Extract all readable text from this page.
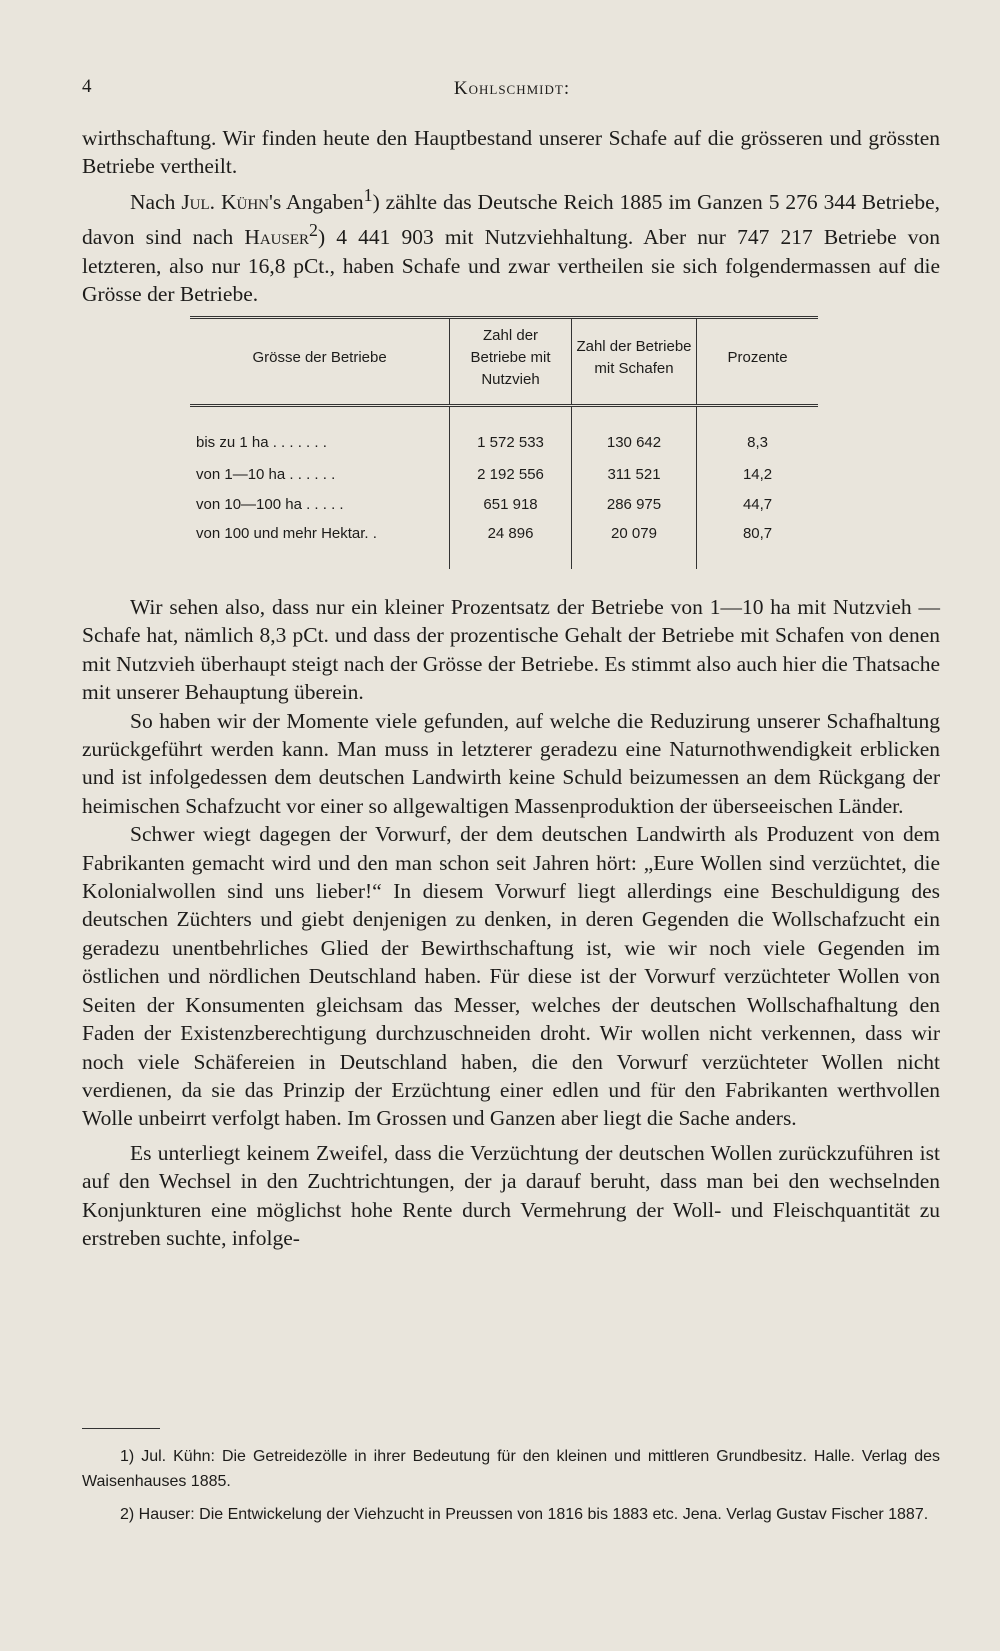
4	Kohlschmidt:

wirthschaftung. Wir finden heute den Hauptbestand unserer Schafe auf die grösseren und grössten Betriebe vertheilt.

Nach Jul. Kühn's Angaben$^1$) zählte das Deutsche Reich 1885 im Ganzen 5 276 344 Betriebe, davon sind nach Hauser$^2$) 4 441 903 mit Nutzviehhaltung. Aber nur 747 217 Betriebe von letzteren, also nur 16,8 pCt., haben Schafe und zwar vertheilen sie sich folgendermassen auf die Grösse der Betriebe.

Grösse der Betriebe	Zahl der Betriebe mit Nutzvieh	Zahl der Betriebe mit Schafen	Prozente
bis zu 1 ha . . . . . . .	1 572 533	130 642	8,3
von 1—10 ha . . . . . .	2 192 556	311 521	14,2
von 10—100 ha . . . . .	651 918	286 975	44,7
von 100 und mehr Hektar. .	24 896	20 079	80,7

Wir sehen also, dass nur ein kleiner Prozentsatz der Betriebe von 1—10 ha mit Nutzvieh — Schafe hat, nämlich 8,3 pCt. und dass der prozentische Gehalt der Betriebe mit Schafen von denen mit Nutzvieh überhaupt steigt nach der Grösse der Betriebe. Es stimmt also auch hier die Thatsache mit unserer Behauptung überein.

So haben wir der Momente viele gefunden, auf welche die Reduzirung unserer Schafhaltung zurückgeführt werden kann. Man muss in letzterer geradezu eine Naturnothwendigkeit erblicken und ist infolgedessen dem deutschen Landwirth keine Schuld beizumessen an dem Rückgang der heimischen Schafzucht vor einer so allgewaltigen Massenproduktion der überseeischen Länder.

Schwer wiegt dagegen der Vorwurf, der dem deutschen Landwirth als Produzent von dem Fabrikanten gemacht wird und den man schon seit Jahren hört: „Eure Wollen sind verzüchtet, die Kolonialwollen sind uns lieber!“ In diesem Vorwurf liegt allerdings eine Beschuldigung des deutschen Züchters und giebt denjenigen zu denken, in deren Gegenden die Wollschafzucht ein geradezu unentbehrliches Glied der Bewirthschaftung ist, wie wir noch viele Gegenden im östlichen und nördlichen Deutschland haben. Für diese ist der Vorwurf verzüchteter Wollen von Seiten der Konsumenten gleichsam das Messer, welches der deutschen Wollschafhaltung den Faden der Existenzberechtigung durchzuschneiden droht. Wir wollen nicht verkennen, dass wir noch viele Schäfereien in Deutschland haben, die den Vorwurf verzüchteter Wollen nicht verdienen, da sie das Prinzip der Erzüchtung einer edlen und für den Fabrikanten werthvollen Wolle unbeirrt verfolgt haben. Im Grossen und Ganzen aber liegt die Sache anders.

Es unterliegt keinem Zweifel, dass die Verzüchtung der deutschen Wollen zurückzuführen ist auf den Wechsel in den Zuchtrichtungen, der ja darauf beruht, dass man bei den wechselnden Konjunkturen eine möglichst hohe Rente durch Vermehrung der Woll- und Fleischquantität zu erstreben suchte, infolge-

1) Jul. Kühn: Die Getreidezölle in ihrer Bedeutung für den kleinen und mittleren Grundbesitz. Halle. Verlag des Waisenhauses 1885.

2) Hauser: Die Entwickelung der Viehzucht in Preussen von 1816 bis 1883 etc. Jena. Verlag Gustav Fischer 1887.
